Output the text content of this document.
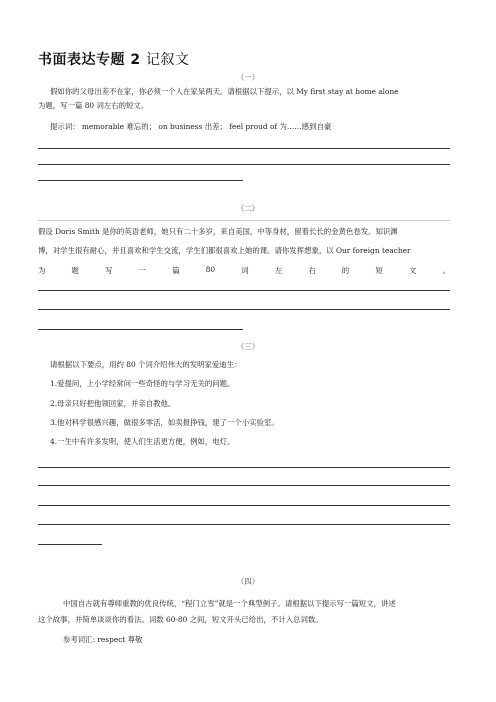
书面表达专题 2 记叙文
（一）
假如你的父母出差不在家，你必须一个人在家呆两天。请根据以下提示，以 My first stay at home alone
为题，写一篇 80 词左右的短文。
提示词： memorable 难忘的； on business 出差； feel proud of 为……感到自豪
（二）
假设 Doris Smith 是你的英语老师，她只有二十多岁，来自美国，中等身材，留着长长的金黄色卷发。知识渊
博，对学生很有耐心，并且喜欢和学生交流，学生们都很喜欢上她的课。请你发挥想象，以 Our foreign teacher
为	题	写	一	篇	80	词	左	右	的	短	文	。
（三）
请根据以下要点，用约 80 个词介绍伟大的发明家爱迪生：
1.爱提问，上小学经常问一些奇怪的与学习无关的问题。
2.母亲只好把他领回家，并亲自教他。
3.他对科学很感兴趣，做很多零活，如卖报挣钱，建了一个小实验室。
4.一生中有许多发明，使人们生活更方便，例如，电灯。
（四）
中国自古就有尊师重教的优良传统，“程门立雪”就是一个典型例子。请根据以下提示写一篇短文，讲述
这个故事，并简单谈谈你的看法。词数 60-80 之间，短文开头已给出，不计入总词数。
参考词汇: respect 尊敬
